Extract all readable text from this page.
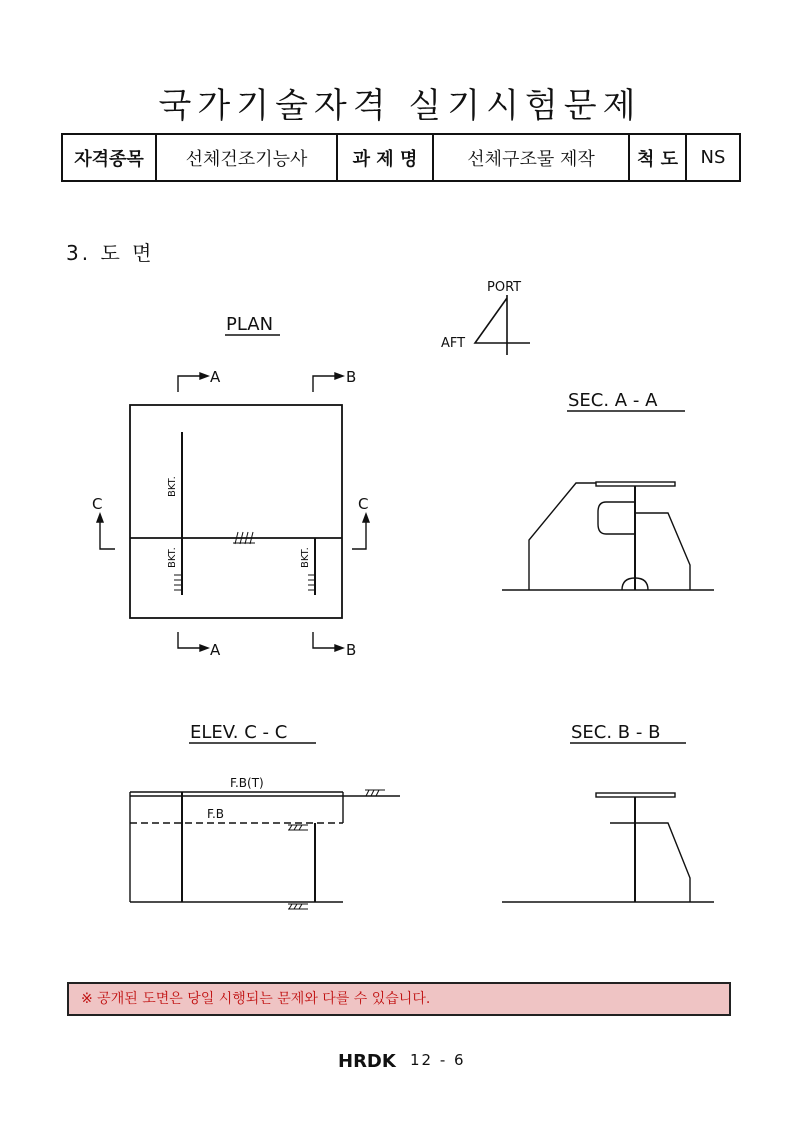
국가기술자격 실기시험문제
자격종목	선체건조기능사	과 제 명	선체구조물 제작	척 도	NS
3. 도 면
PORT
AFT
PLAN
BKT.
BKT.	BKT.
A	B
A	B
C	C
SEC. A - A
ELEV. C - C
F.B(T)
F.B
SEC. B - B
※ 공개된 도면은 당일 시행되는 문제와 다를 수 있습니다.
HRDK 12 - 6
